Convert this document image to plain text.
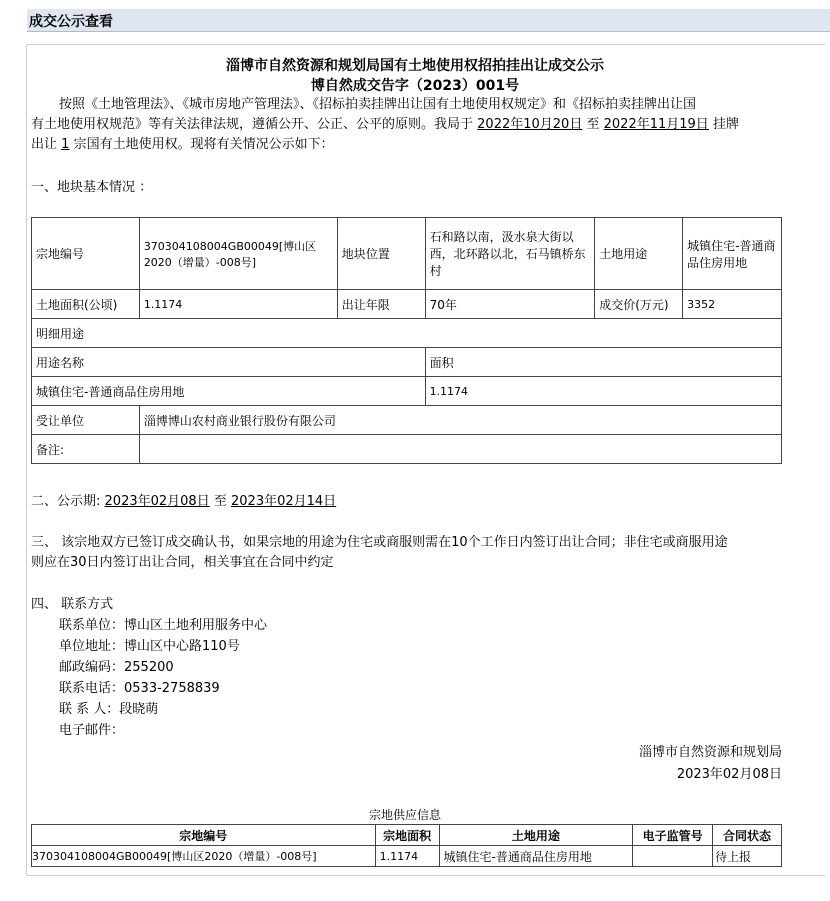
成交公示查看
淄博市自然资源和规划局国有土地使用权招拍挂出让成交公示
博自然成交告字（2023）001号
按照《土地管理法》、《城市房地产管理法》、《招标拍卖挂牌出让国有土地使用权规定》和《招标拍卖挂牌出让国
有土地使用权规范》等有关法律法规，遵循公开、公正、公平的原则。我局于 2022年10月20日 至 2022年11月19日 挂牌
出让 1 宗国有土地使用权。现将有关情况公示如下：
一、地块基本情况 ：
宗地编号	370304108004GB00049[博山区2020（增量）-008号]	地块位置	石和路以南，汲水泉大街以西，北环路以北，石马镇桥东村	土地用途	城镇住宅-普通商品住房用地
土地面积(公顷)	1.1174	出让年限	70年	成交价(万元)	3352
明细用途					
用途名称			面积		
城镇住宅-普通商品住房用地			1.1174		
受让单位	淄博博山农村商业银行股份有限公司				
备注:					
二、公示期: 2023年02月08日 至 2023年02月14日
三、 该宗地双方已签订成交确认书，如果宗地的用途为住宅或商服则需在10个工作日内签订出让合同；非住宅或商服用途
则应在30日内签订出让合同，相关事宜在合同中约定
四、 联系方式
联系单位：博山区土地利用服务中心
单位地址：博山区中心路110号
邮政编码：255200
联系电话：0533-2758839
联 系 人：段晓萌
电子邮件：
淄博市自然资源和规划局
2023年02月08日
宗地供应信息
宗地编号	宗地面积	土地用途	电子监管号	合同状态
370304108004GB00049[博山区2020（增量）-008号]	1.1174	城镇住宅-普通商品住房用地		待上报
